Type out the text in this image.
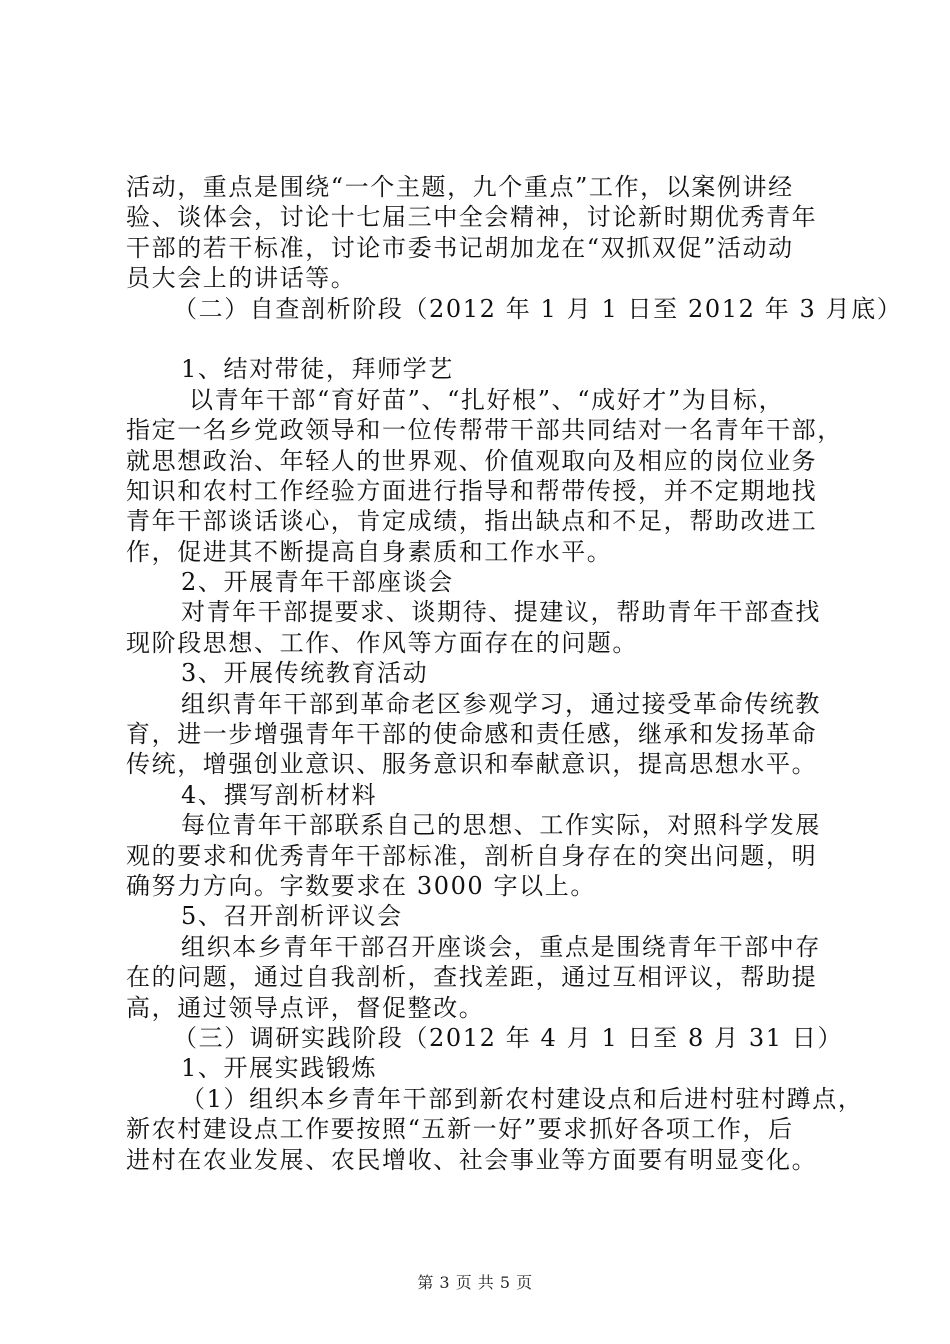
活动，重点是围绕“一个主题，九个重点”工作，以案例讲经
验、谈体会，讨论十七届三中全会精神，讨论新时期优秀青年
干部的若干标准，讨论市委书记胡加龙在“双抓双促”活动动
员大会上的讲话等。
（二）自查剖析阶段（2012 年 1 月 1 日至 2012 年 3 月底）
1、结对带徒，拜师学艺
以青年干部“育好苗”、“扎好根”、“成好才”为目标，
指定一名乡党政领导和一位传帮带干部共同结对一名青年干部，
就思想政治、年轻人的世界观、价值观取向及相应的岗位业务
知识和农村工作经验方面进行指导和帮带传授，并不定期地找
青年干部谈话谈心，肯定成绩，指出缺点和不足，帮助改进工
作，促进其不断提高自身素质和工作水平。
2、开展青年干部座谈会
对青年干部提要求、谈期待、提建议，帮助青年干部查找
现阶段思想、工作、作风等方面存在的问题。
3、开展传统教育活动
组织青年干部到革命老区参观学习，通过接受革命传统教
育，进一步增强青年干部的使命感和责任感，继承和发扬革命
传统，增强创业意识、服务意识和奉献意识，提高思想水平。
4、撰写剖析材料
每位青年干部联系自己的思想、工作实际，对照科学发展
观的要求和优秀青年干部标准，剖析自身存在的突出问题，明
确努力方向。字数要求在 3000 字以上。
5、召开剖析评议会
组织本乡青年干部召开座谈会，重点是围绕青年干部中存
在的问题，通过自我剖析，查找差距，通过互相评议，帮助提
高，通过领导点评，督促整改。
（三）调研实践阶段（2012 年 4 月 1 日至 8 月 31 日）
1、开展实践锻炼
（1）组织本乡青年干部到新农村建设点和后进村驻村蹲点，
新农村建设点工作要按照“五新一好”要求抓好各项工作，后
进村在农业发展、农民增收、社会事业等方面要有明显变化。
第 3 页 共 5 页
